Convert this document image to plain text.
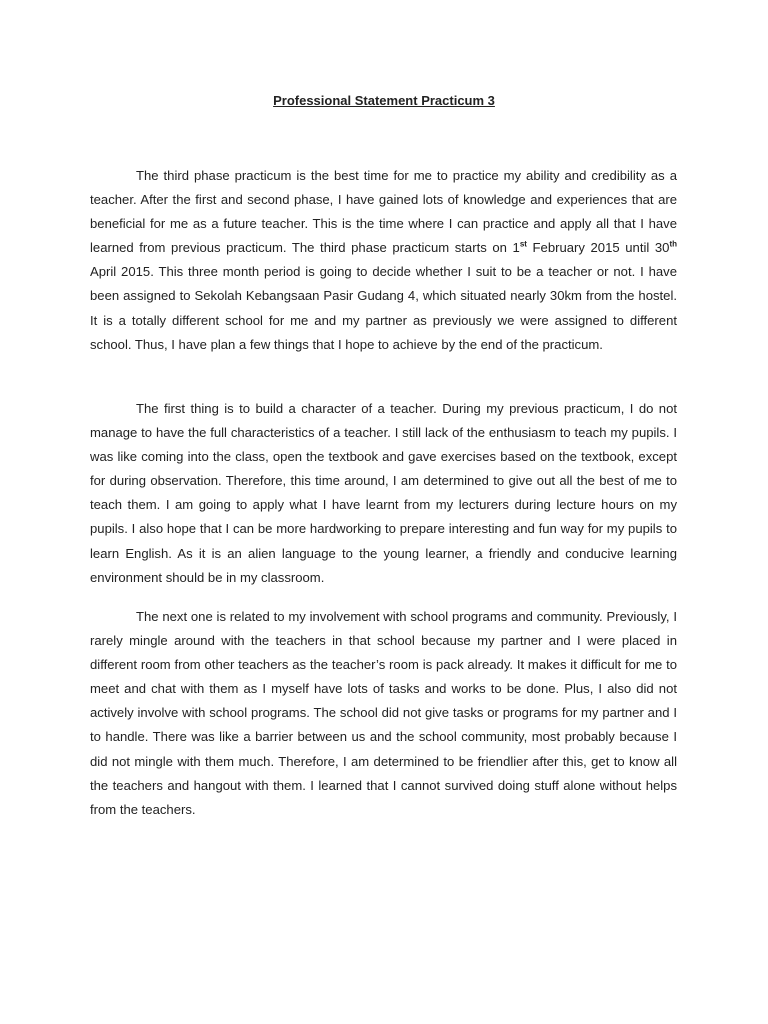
Professional Statement Practicum 3

The third phase practicum is the best time for me to practice my ability and credibility as a teacher. After the first and second phase, I have gained lots of knowledge and experiences that are beneficial for me as a future teacher. This is the time where I can practice and apply all that I have learned from previous practicum. The third phase practicum starts on 1st February 2015 until 30th April 2015. This three month period is going to decide whether I suit to be a teacher or not. I have been assigned to Sekolah Kebangsaan Pasir Gudang 4, which situated nearly 30km from the hostel. It is a totally different school for me and my partner as previously we were assigned to different school. Thus, I have plan a few things that I hope to achieve by the end of the practicum.

The first thing is to build a character of a teacher. During my previous practicum, I do not manage to have the full characteristics of a teacher. I still lack of the enthusiasm to teach my pupils. I was like coming into the class, open the textbook and gave exercises based on the textbook, except for during observation. Therefore, this time around, I am determined to give out all the best of me to teach them. I am going to apply what I have learnt from my lecturers during lecture hours on my pupils. I also hope that I can be more hardworking to prepare interesting and fun way for my pupils to learn English. As it is an alien language to the young learner, a friendly and conducive learning environment should be in my classroom.

The next one is related to my involvement with school programs and community. Previously, I rarely mingle around with the teachers in that school because my partner and I were placed in different room from other teachers as the teacher’s room is pack already. It makes it difficult for me to meet and chat with them as I myself have lots of tasks and works to be done. Plus, I also did not actively involve with school programs. The school did not give tasks or programs for my partner and I to handle. There was like a barrier between us and the school community, most probably because I did not mingle with them much. Therefore, I am determined to be friendlier after this, get to know all the teachers and hangout with them. I learned that I cannot survived doing stuff alone without helps from the teachers.
